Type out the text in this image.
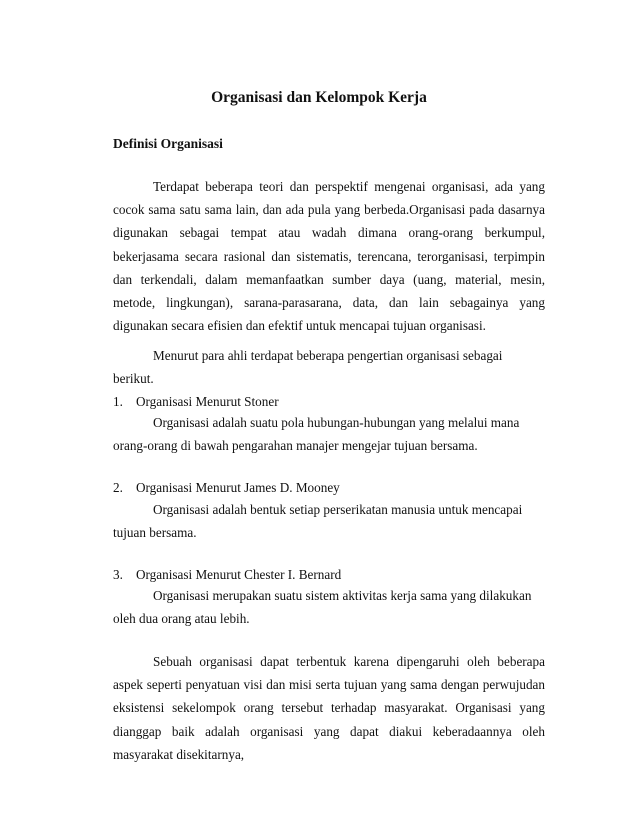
Organisasi dan Kelompok Kerja
Definisi Organisasi

Terdapat beberapa teori dan perspektif mengenai organisasi, ada yang cocok sama satu sama lain, dan ada pula yang berbeda.Organisasi pada dasarnya digunakan sebagai tempat atau wadah dimana orang-orang berkumpul, bekerjasama secara rasional dan sistematis, terencana, terorganisasi, terpimpin dan terkendali, dalam memanfaatkan sumber daya (uang, material, mesin, metode, lingkungan), sarana-parasarana, data, dan lain sebagainya yang digunakan secara efisien dan efektif untuk mencapai tujuan organisasi.

Menurut para ahli terdapat beberapa pengertian organisasi sebagai berikut.

1. Organisasi Menurut Stoner

Organisasi adalah suatu pola hubungan-hubungan yang melalui mana orang-orang di bawah pengarahan manajer mengejar tujuan bersama.

2. Organisasi Menurut James D. Mooney

Organisasi adalah bentuk setiap perserikatan manusia untuk mencapai tujuan bersama.

3. Organisasi Menurut Chester I. Bernard

Organisasi merupakan suatu sistem aktivitas kerja sama yang dilakukan oleh dua orang atau lebih.

Sebuah organisasi dapat terbentuk karena dipengaruhi oleh beberapa aspek seperti penyatuan visi dan misi serta tujuan yang sama dengan perwujudan eksistensi sekelompok orang tersebut terhadap masyarakat. Organisasi yang dianggap baik adalah organisasi yang dapat diakui keberadaannya oleh masyarakat disekitarnya,
